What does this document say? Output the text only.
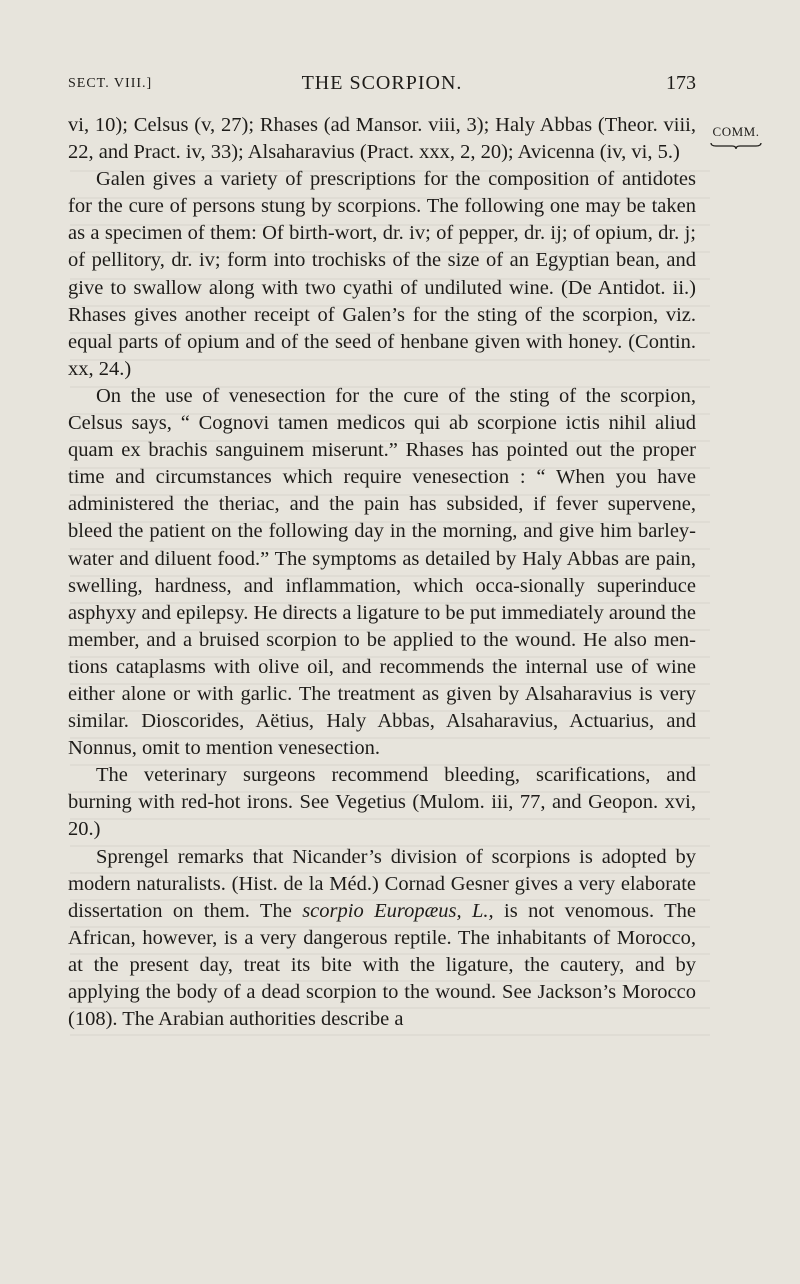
SECT. VIII.]	THE SCORPION.	173
COMM.

vi, 10); Celsus (v, 27); Rhases (ad Mansor. viii, 3); Haly Abbas (Theor. viii, 22, and Pract. iv, 33); Alsaharavius (Pract. xxx, 2, 20); Avicenna (iv, vi, 5.)

Galen gives a variety of prescriptions for the composition of antidotes for the cure of persons stung by scorpions. The following one may be taken as a specimen of them: Of birth-wort, dr. iv; of pepper, dr. ij; of opium, dr. j; of pellitory, dr. iv; form into trochisks of the size of an Egyptian bean, and give to swallow along with two cyathi of undiluted wine. (De Antidot. ii.) Rhases gives another receipt of Galen’s for the sting of the scorpion, viz. equal parts of opium and of the seed of henbane given with honey. (Contin. xx, 24.)

On the use of venesection for the cure of the sting of the scorpion, Celsus says, “ Cognovi tamen medicos qui ab scorpione ictis nihil aliud quam ex brachis sanguinem miserunt.” Rhases has pointed out the proper time and circumstances which require venesection : “ When you have administered the theriac, and the pain has subsided, if fever supervene, bleed the patient on the following day in the morning, and give him barley-water and diluent food.” The symptoms as detailed by Haly Abbas are pain, swelling, hardness, and inflammation, which occa-sionally superinduce asphyxy and epilepsy. He directs a ligature to be put immediately around the member, and a bruised scorpion to be applied to the wound. He also men-tions cataplasms with olive oil, and recommends the internal use of wine either alone or with garlic. The treatment as given by Alsaharavius is very similar. Dioscorides, Aëtius, Haly Abbas, Alsaharavius, Actuarius, and Nonnus, omit to mention venesection.

The veterinary surgeons recommend bleeding, scarifications, and burning with red-hot irons. See Vegetius (Mulom. iii, 77, and Geopon. xvi, 20.)

Sprengel remarks that Nicander’s division of scorpions is adopted by modern naturalists. (Hist. de la Méd.) Cornad Gesner gives a very elaborate dissertation on them. The scorpio Europæus, L., is not venomous. The African, however, is a very dangerous reptile. The inhabitants of Morocco, at the present day, treat its bite with the ligature, the cautery, and by applying the body of a dead scorpion to the wound. See Jackson’s Morocco (108). The Arabian authorities describe a
